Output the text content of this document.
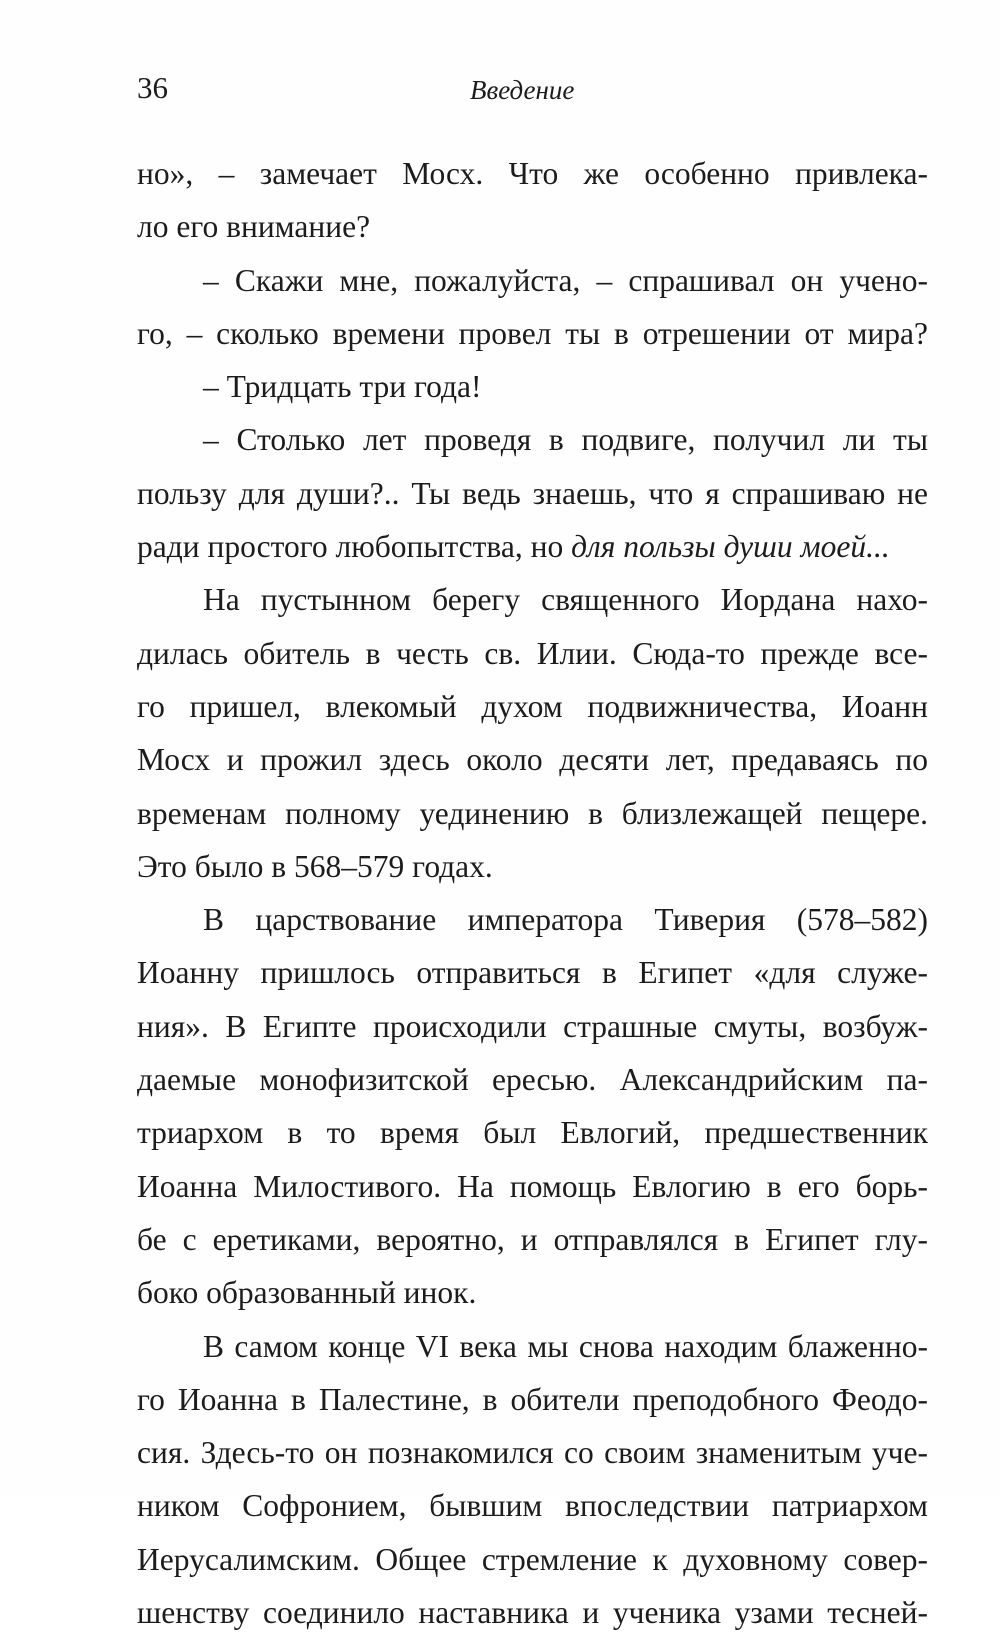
36	Введение
но», – замечает Мосх. Что же особенно привлека-
ло его внимание?
– Скажи мне, пожалуйста, – спрашивал он учено-
го, – сколько времени провел ты в отрешении от мира?
– Тридцать три года!
– Столько лет проведя в подвиге, получил ли ты
пользу для души?.. Ты ведь знаешь, что я спрашиваю не
ради простого любопытства, но для пользы души моей...
На пустынном берегу священного Иордана нахо-
дилась обитель в честь св. Илии. Сюда-то прежде все-
го пришел, влекомый духом подвижничества, Иоанн
Мосх и прожил здесь около десяти лет, предаваясь по
временам полному уединению в близлежащей пещере.
Это было в 568–579 годах.
В царствование императора Тиверия (578–582)
Иоанну пришлось отправиться в Египет «для служе-
ния». В Египте происходили страшные смуты, возбуж-
даемые монофизитской ересью. Александрийским па-
триархом в то время был Евлогий, предшественник
Иоанна Милостивого. На помощь Евлогию в его борь-
бе с еретиками, вероятно, и отправлялся в Египет глу-
боко образованный инок.
В самом конце VI века мы снова находим блаженно-
го Иоанна в Палестине, в обители преподобного Феодо-
сия. Здесь-то он познакомился со своим знаменитым уче-
ником Софронием, бывшим впоследствии патриархом
Иерусалимским. Общее стремление к духовному совер-
шенству соединило наставника и ученика узами тесней-
